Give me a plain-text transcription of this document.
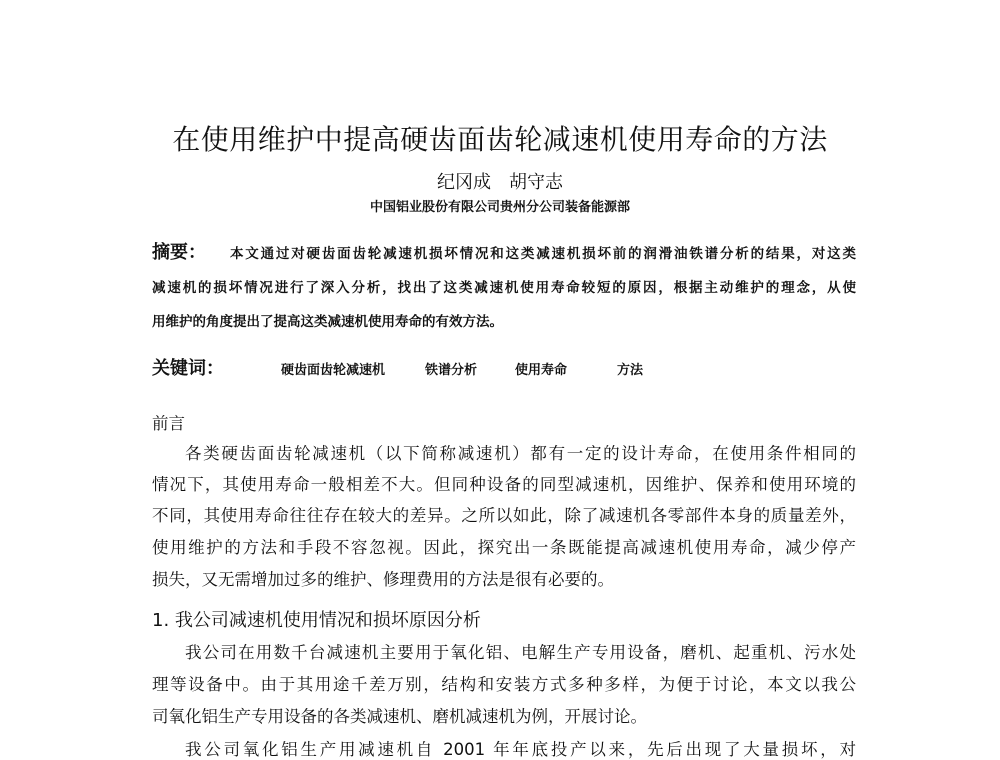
在使用维护中提高硬齿面齿轮减速机使用寿命的方法
纪冈成　胡守志
中国铝业股份有限公司贵州分公司装备能源部
摘要： 本文通过对硬齿面齿轮减速机损坏情况和这类减速机损坏前的润滑油铁谱分析的结果，对这类
减速机的损坏情况进行了深入分析，找出了这类减速机使用寿命较短的原因，根据主动维护的理念，从使
用维护的角度提出了提高这类减速机使用寿命的有效方法。
关键词：	硬齿面齿轮减速机	铁谱分析	使用寿命	方法
前言
各类硬齿面齿轮减速机（以下简称减速机）都有一定的设计寿命，在使用条件相同的
情况下，其使用寿命一般相差不大。但同种设备的同型减速机，因维护、保养和使用环境的
不同，其使用寿命往往存在较大的差异。之所以如此，除了减速机各零部件本身的质量差外，
使用维护的方法和手段不容忽视。因此，探究出一条既能提高减速机使用寿命，减少停产
损失，又无需增加过多的维护、修理费用的方法是很有必要的。
1. 我公司减速机使用情况和损坏原因分析
我公司在用数千台减速机主要用于氧化铝、电解生产专用设备，磨机、起重机、污水处
理等设备中。由于其用途千差万别，结构和安装方式多种多样，为便于讨论，本文以我公
司氧化铝生产专用设备的各类减速机、磨机减速机为例，开展讨论。
我公司氧化铝生产用减速机自 2001 年年底投产以来，先后出现了大量损坏，对
